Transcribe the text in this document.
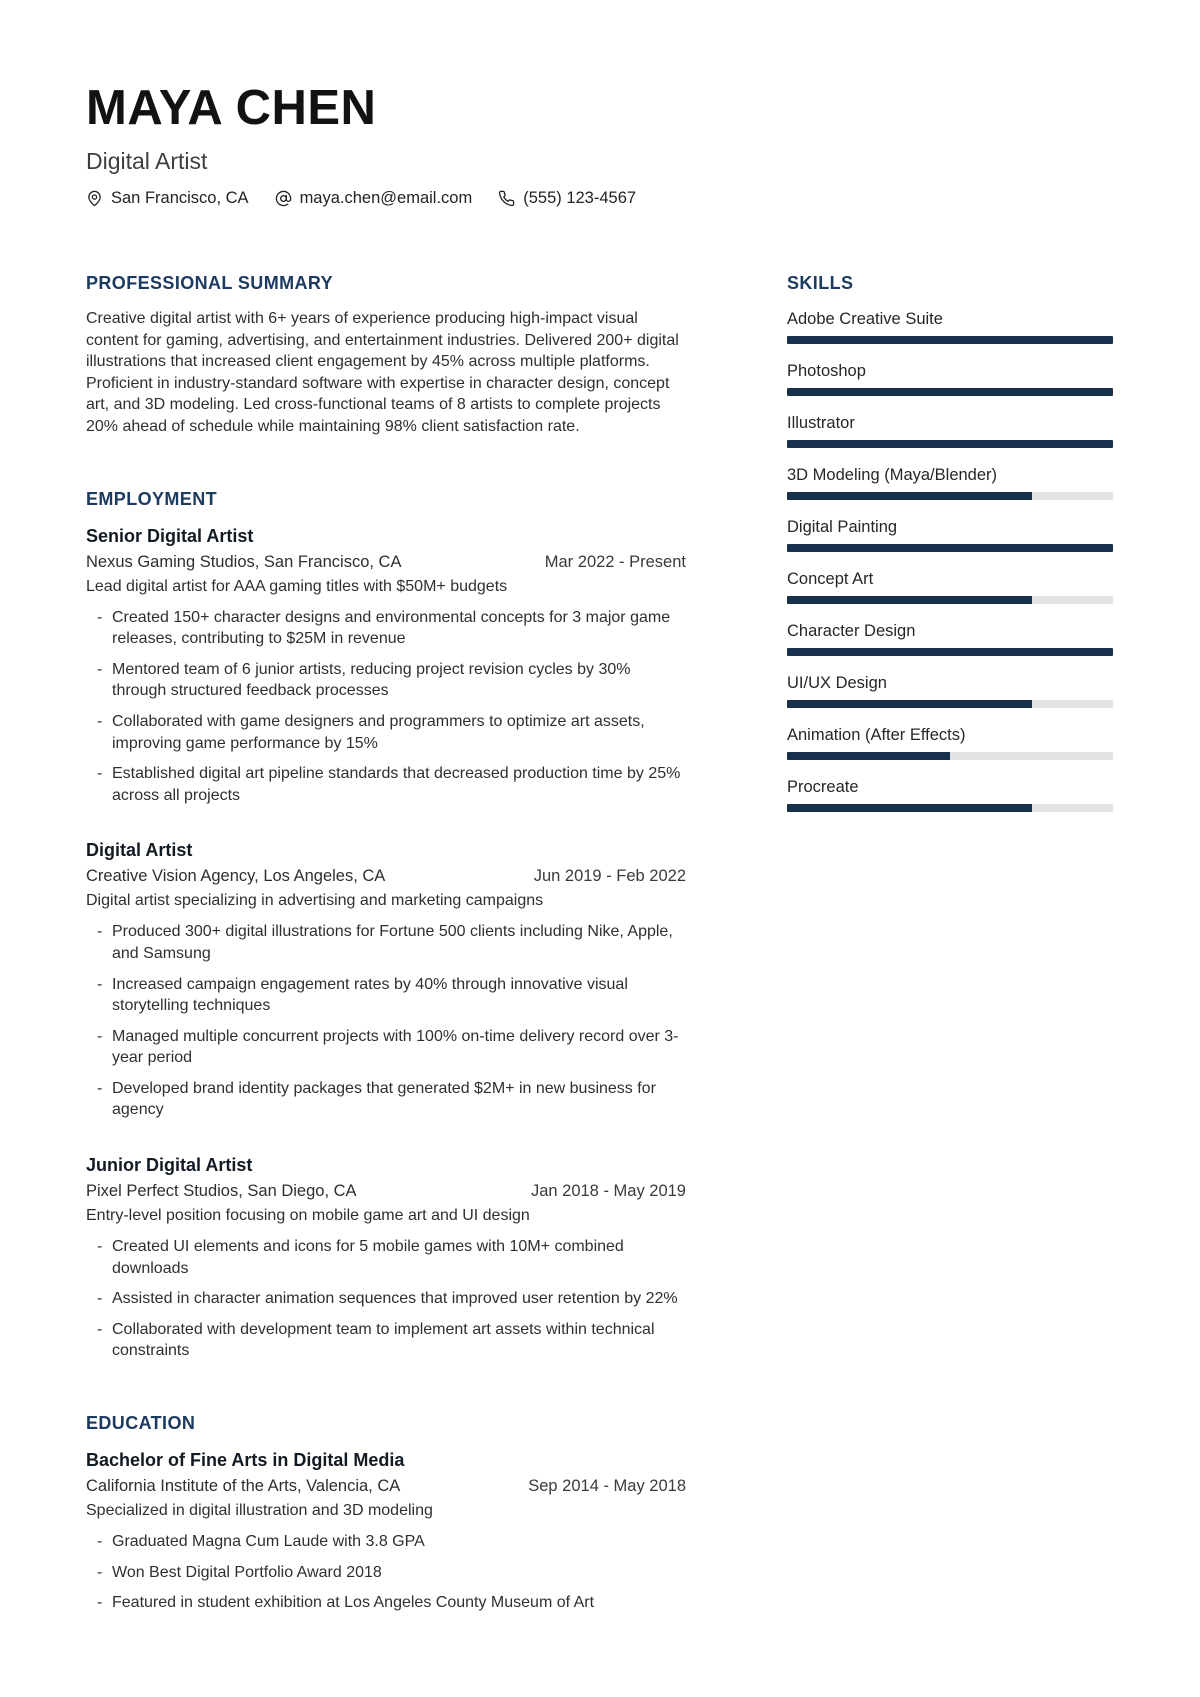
MAYA CHEN
Digital Artist
San Francisco, CA	maya.chen@email.com	(555) 123-4567
PROFESSIONAL SUMMARY

Creative digital artist with 6+ years of experience producing high-impact visual content for gaming, advertising, and entertainment industries. Delivered 200+ digital illustrations that increased client engagement by 45% across multiple platforms. Proficient in industry-standard software with expertise in character design, concept art, and 3D modeling. Led cross-functional teams of 8 artists to complete projects 20% ahead of schedule while maintaining 98% client satisfaction rate.

EMPLOYMENT
Senior Digital Artist
Nexus Gaming Studios, San Francisco, CA	Mar 2022 - Present
Lead digital artist for AAA gaming titles with $50M+ budgets
- Created 150+ character designs and environmental concepts for 3 major game releases, contributing to $25M in revenue
- Mentored team of 6 junior artists, reducing project revision cycles by 30% through structured feedback processes
- Collaborated with game designers and programmers to optimize art assets, improving game performance by 15%
- Established digital art pipeline standards that decreased production time by 25% across all projects
Digital Artist
Creative Vision Agency, Los Angeles, CA	Jun 2019 - Feb 2022
Digital artist specializing in advertising and marketing campaigns
- Produced 300+ digital illustrations for Fortune 500 clients including Nike, Apple, and Samsung
- Increased campaign engagement rates by 40% through innovative visual storytelling techniques
- Managed multiple concurrent projects with 100% on-time delivery record over 3-year period
- Developed brand identity packages that generated $2M+ in new business for agency
Junior Digital Artist
Pixel Perfect Studios, San Diego, CA	Jan 2018 - May 2019
Entry-level position focusing on mobile game art and UI design
- Created UI elements and icons for 5 mobile games with 10M+ combined downloads
- Assisted in character animation sequences that improved user retention by 22%
- Collaborated with development team to implement art assets within technical constraints
EDUCATION
Bachelor of Fine Arts in Digital Media
California Institute of the Arts, Valencia, CA	Sep 2014 - May 2018
Specialized in digital illustration and 3D modeling
- Graduated Magna Cum Laude with 3.8 GPA
- Won Best Digital Portfolio Award 2018
- Featured in student exhibition at Los Angeles County Museum of Art
SKILLS
Adobe Creative Suite
Photoshop
Illustrator
3D Modeling (Maya/Blender)
Digital Painting
Concept Art
Character Design
UI/UX Design
Animation (After Effects)
Procreate
